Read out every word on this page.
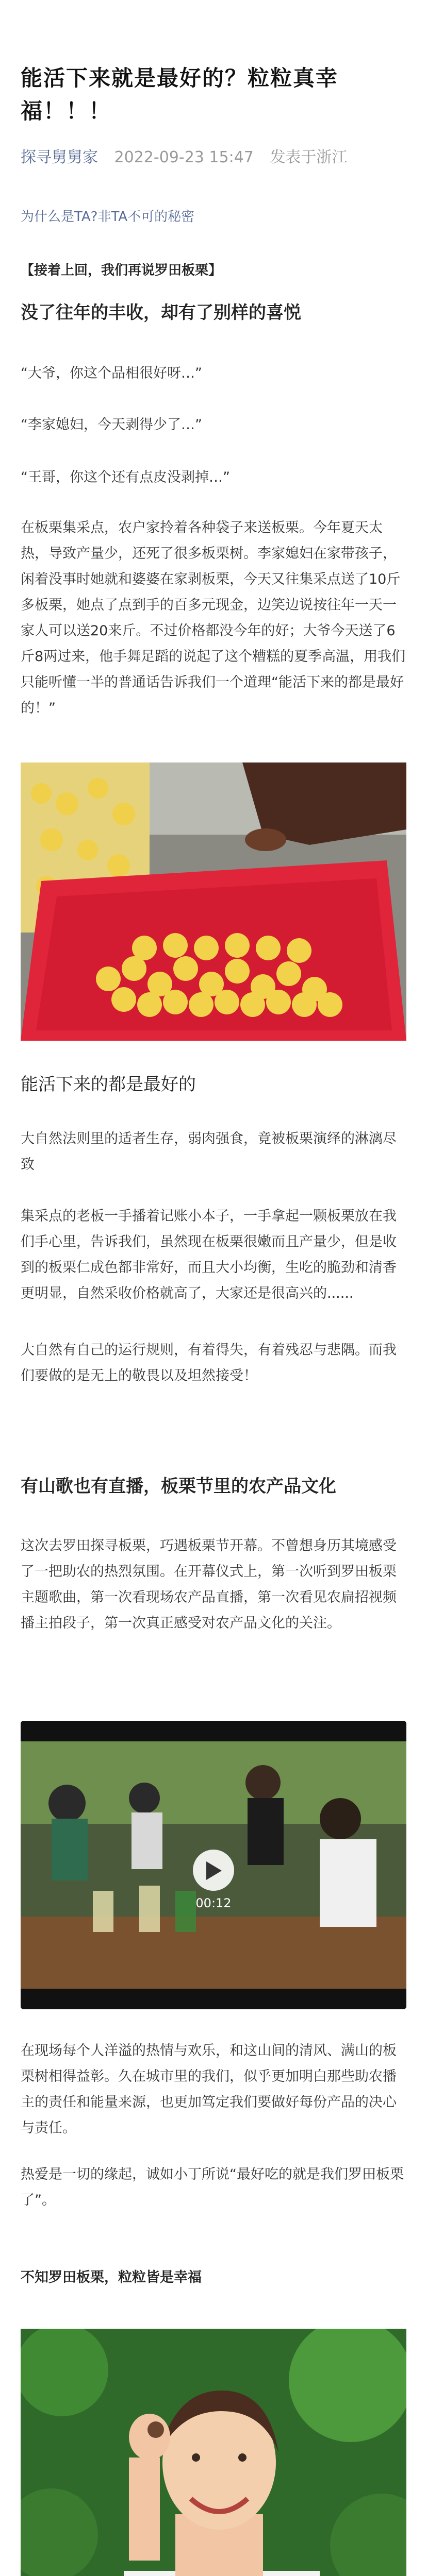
能活下来就是最好的？粒粒真幸福！！！
探寻舅舅家 2022-09-23 15:47 发表于浙江
为什么是TA?非TA不可的秘密
【接着上回，我们再说罗田板栗】
没了往年的丰收，却有了别样的喜悦

“大爷，你这个品相很好呀…”

“李家媳妇，今天剥得少了…”

“王哥，你这个还有点皮没剥掉…”

在板栗集采点，农户家拎着各种袋子来送板栗。今年夏天太热，导致产量少，还死了很多板栗树。李家媳妇在家带孩子，闲着没事时她就和婆婆在家剥板栗，今天又往集采点送了10斤多板栗，她点了点到手的百多元现金，边笑边说按往年一天一家人可以送20来斤。不过价格都没今年的好；大爷今天送了6斤8两过来，他手舞足蹈的说起了这个糟糕的夏季高温，用我们只能听懂一半的普通话告诉我们一个道理“能活下来的都是最好的！”

能活下来的都是最好的

大自然法则里的适者生存，弱肉强食，竟被板栗演绎的淋漓尽致

集采点的老板一手播着记账小本子，一手拿起一颗板栗放在我们手心里，告诉我们，虽然现在板栗很嫩而且产量少，但是收到的板栗仁成色都非常好，而且大小均衡，生吃的脆劲和清香更明显，自然采收价格就高了，大家还是很高兴的......

大自然有自己的运行规则，有着得失，有着残忍与悲隅。而我们要做的是无上的敬畏以及坦然接受！

有山歌也有直播，板栗节里的农产品文化

这次去罗田探寻板栗，巧遇板栗节开幕。不曾想身历其境感受了一把助农的热烈氛围。在开幕仪式上，第一次听到罗田板栗主题歌曲，第一次看现场农产品直播，第一次看见农扁招视频播主拍段子，第一次真正感受对农产品文化的关注。

00:12

在现场每个人洋溢的热情与欢乐，和这山间的清风、满山的板栗树相得益彰。久在城市里的我们，似乎更加明白那些助农播主的责任和能量来源，也更加笃定我们要做好每份产品的决心与责任。

热爱是一切的缘起，诚如小丁所说“最好吃的就是我们罗田板栗了”。

不知罗田板栗，粒粒皆是幸福
